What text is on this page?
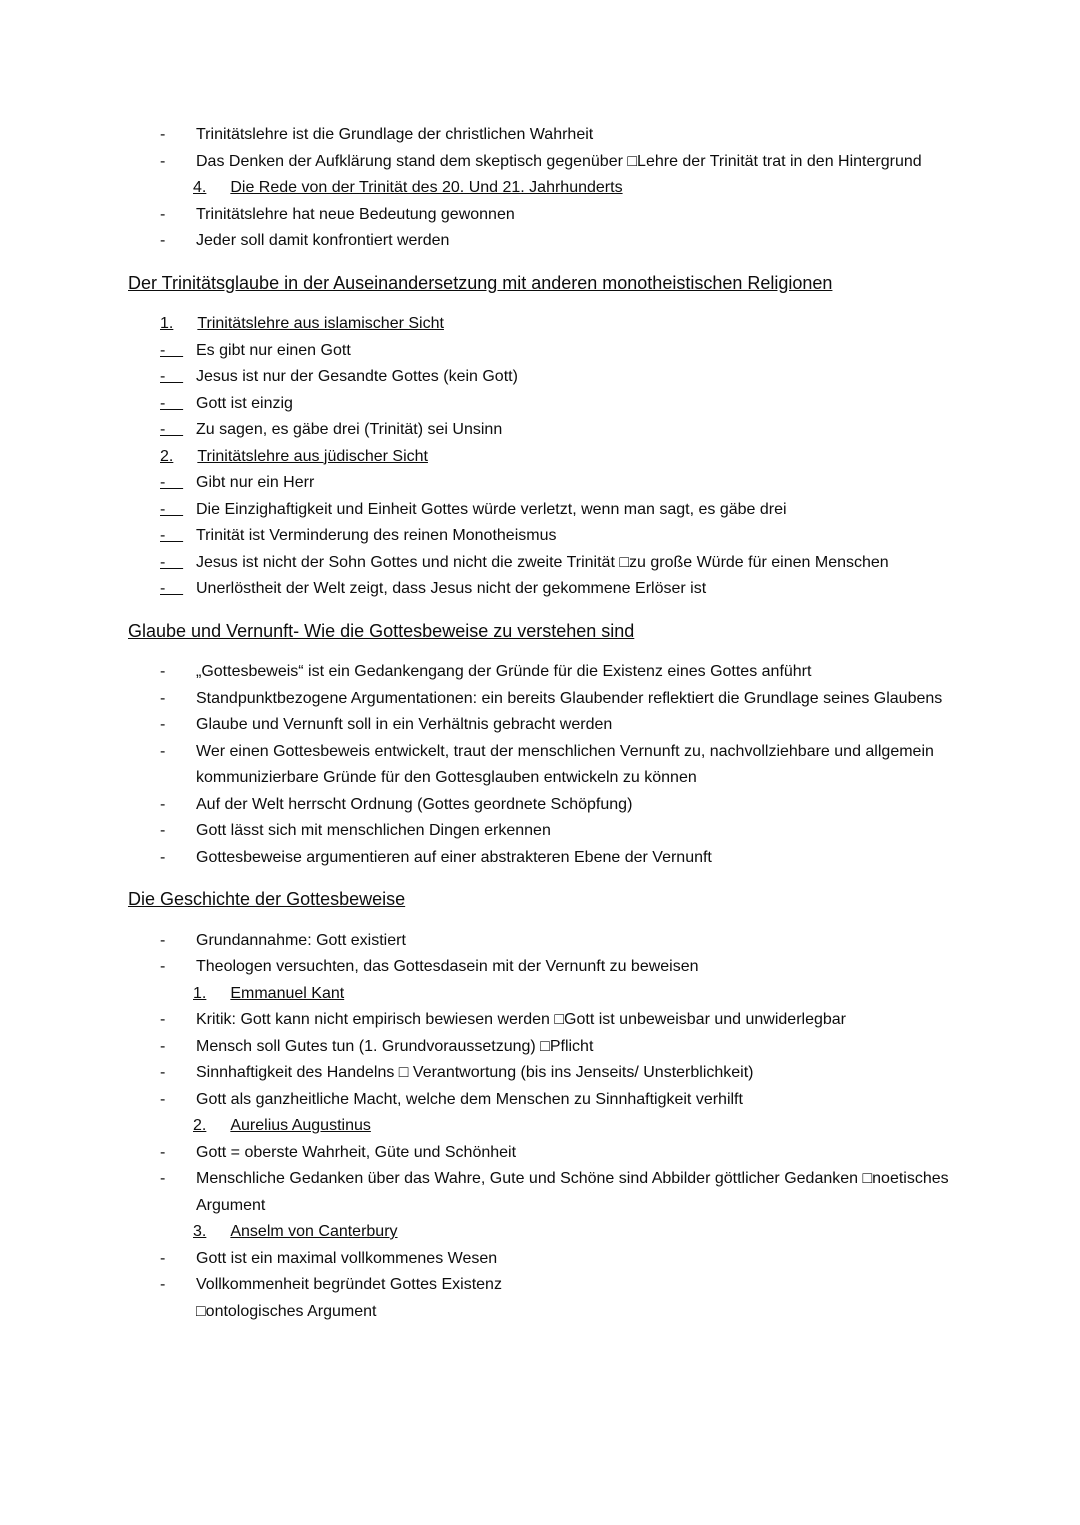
-	Trinitätslehre ist die Grundlage der christlichen Wahrheit
-	Das Denken der Aufklärung stand dem skeptisch gegenüber □Lehre der Trinität trat in den Hintergrund
4. Die Rede von der Trinität des 20. Und 21. Jahrhunderts
-	Trinitätslehre hat neue Bedeutung gewonnen
-	Jeder soll damit konfrontiert werden
Der Trinitätsglaube in der Auseinandersetzung mit anderen monotheistischen Religionen
1. Trinitätslehre aus islamischer Sicht
- Es gibt nur einen Gott
- Jesus ist nur der Gesandte Gottes (kein Gott)
- Gott ist einzig
- Zu sagen, es gäbe drei (Trinität) sei Unsinn
2. Trinitätslehre aus jüdischer Sicht
- Gibt nur ein Herr
- Die Einzighaftigkeit und Einheit Gottes würde verletzt, wenn man sagt, es gäbe drei
- Trinität ist Verminderung des reinen Monotheismus
- Jesus ist nicht der Sohn Gottes und nicht die zweite Trinität □zu große Würde für einen Menschen
- Unerlöstheit der Welt zeigt, dass Jesus nicht der gekommene Erlöser ist
Glaube und Vernunft- Wie die Gottesbeweise zu verstehen sind
-	„Gottesbeweis“ ist ein Gedankengang der Gründe für die Existenz eines Gottes anführt
-	Standpunktbezogene Argumentationen: ein bereits Glaubender reflektiert die Grundlage seines Glaubens
-	Glaube und Vernunft soll in ein Verhältnis gebracht werden
-	Wer einen Gottesbeweis entwickelt, traut der menschlichen Vernunft zu, nachvollziehbare und allgemein kommunizierbare Gründe für den Gottesglauben entwickeln zu können
-	Auf der Welt herrscht Ordnung (Gottes geordnete Schöpfung)
-	Gott lässt sich mit menschlichen Dingen erkennen
-	Gottesbeweise argumentieren auf einer abstrakteren Ebene der Vernunft
Die Geschichte der Gottesbeweise
-	Grundannahme: Gott existiert
-	Theologen versuchten, das Gottesdasein mit der Vernunft zu beweisen
1. Emmanuel Kant
-	Kritik: Gott kann nicht empirisch bewiesen werden □Gott ist unbeweisbar und unwiderlegbar
-	Mensch soll Gutes tun (1. Grundvoraussetzung) □Pflicht
-	Sinnhaftigkeit des Handelns □ Verantwortung (bis ins Jenseits/ Unsterblichkeit)
-	Gott als ganzheitliche Macht, welche dem Menschen zu Sinnhaftigkeit verhilft
2. Aurelius Augustinus
-	Gott = oberste Wahrheit, Güte und Schönheit
-	Menschliche Gedanken über das Wahre, Gute und Schöne sind Abbilder göttlicher Gedanken □noetisches Argument
3. Anselm von Canterbury
-	Gott ist ein maximal vollkommenes Wesen
-	Vollkommenheit begründet Gottes Existenz
□ontologisches Argument
